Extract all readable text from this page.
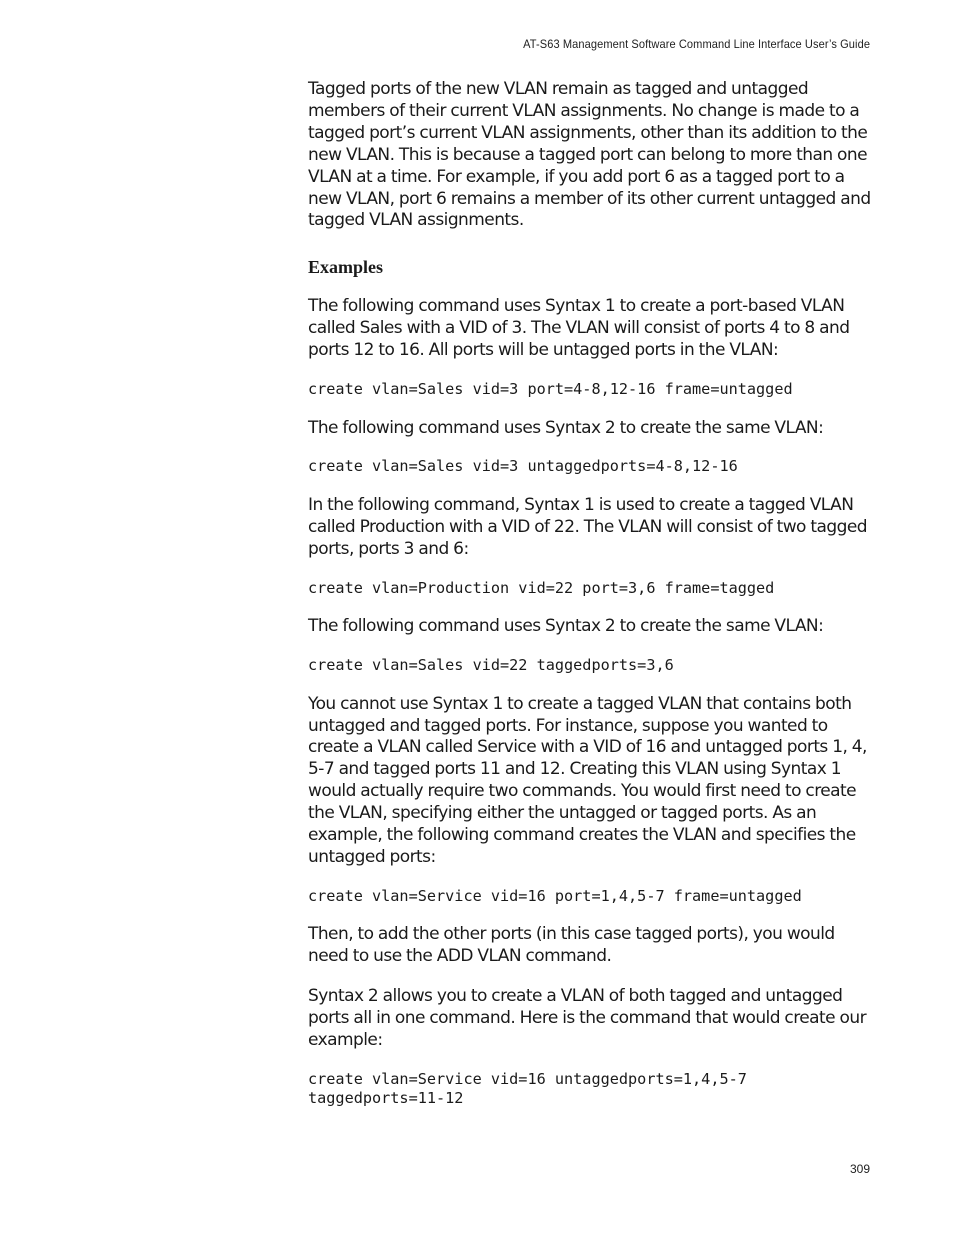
AT-S63 Management Software Command Line Interface User’s Guide

Tagged ports of the new VLAN remain as tagged and untagged members of their current VLAN assignments. No change is made to a tagged port’s current VLAN assignments, other than its addition to the new VLAN. This is because a tagged port can belong to more than one VLAN at a time. For example, if you add port 6 as a tagged port to a new VLAN, port 6 remains a member of its other current untagged and tagged VLAN assignments.

Examples

The following command uses Syntax 1 to create a port-based VLAN called Sales with a VID of 3. The VLAN will consist of ports 4 to 8 and ports 12 to 16. All ports will be untagged ports in the VLAN:

create vlan=Sales vid=3 port=4-8,12-16 frame=untagged

The following command uses Syntax 2 to create the same VLAN:

create vlan=Sales vid=3 untaggedports=4-8,12-16

In the following command, Syntax 1 is used to create a tagged VLAN called Production with a VID of 22. The VLAN will consist of two tagged ports, ports 3 and 6:

create vlan=Production vid=22 port=3,6 frame=tagged

The following command uses Syntax 2 to create the same VLAN:

create vlan=Sales vid=22 taggedports=3,6

You cannot use Syntax 1 to create a tagged VLAN that contains both untagged and tagged ports. For instance, suppose you wanted to create a VLAN called Service with a VID of 16 and untagged ports 1, 4, 5-7 and tagged ports 11 and 12. Creating this VLAN using Syntax 1 would actually require two commands. You would first need to create the VLAN, specifying either the untagged or tagged ports. As an example, the following command creates the VLAN and specifies the untagged ports:

create vlan=Service vid=16 port=1,4,5-7 frame=untagged

Then, to add the other ports (in this case tagged ports), you would need to use the ADD VLAN command.

Syntax 2 allows you to create a VLAN of both tagged and untagged ports all in one command. Here is the command that would create our example:

create vlan=Service vid=16 untaggedports=1,4,5-7
taggedports=11-12
309
